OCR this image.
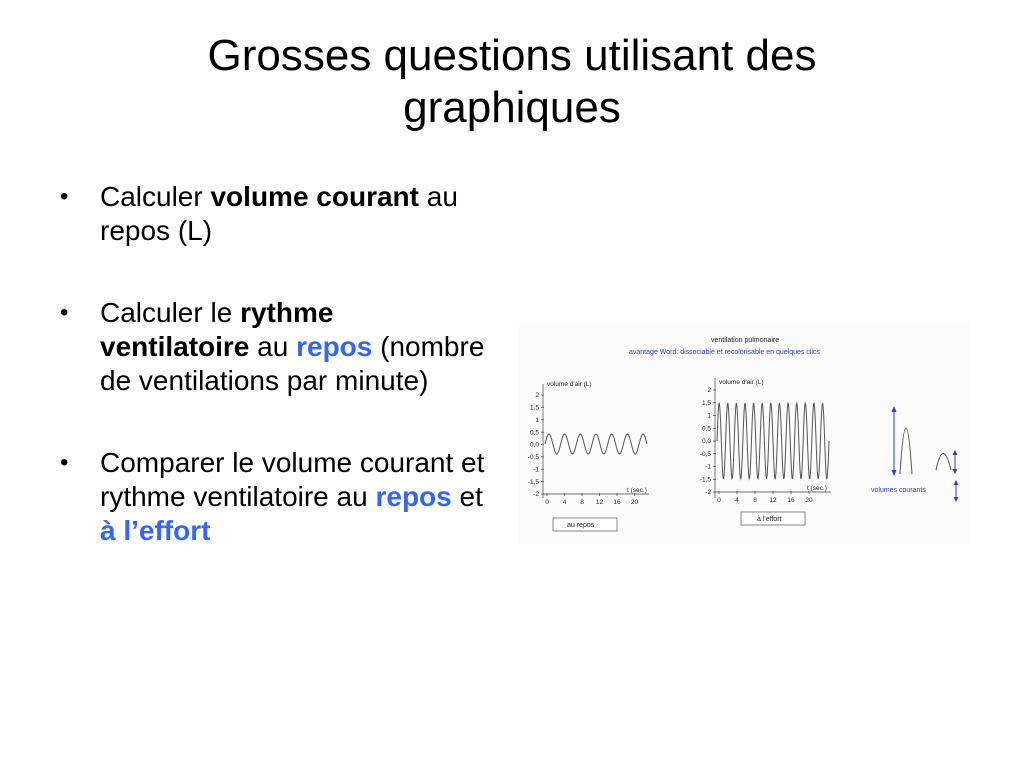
Grosses questions utilisant des
graphiques
•	Calculer volume courant au repos (L)
•	Calculer le rythme ventilatoire au repos (nombre de ventilations par minute)
•	Comparer le volume courant et rythme ventilatoire au repos et à l’effort
ventilation pulmonaire
avantage Word: dissociable et recolorisable en quelques clics
volume d'air (L)
t (sec.)
2
1,5
1
0,5
0,0
-0,5
-1
-1,5
-2
0 4 8 12 16 20
au repos
volume d'air (L)
t (sec.)
2
1,5
1
0,5
0,0
-0,5
-1
-1,5
-2
0 4 8 12 16 20
à l'effort
volumes courants
